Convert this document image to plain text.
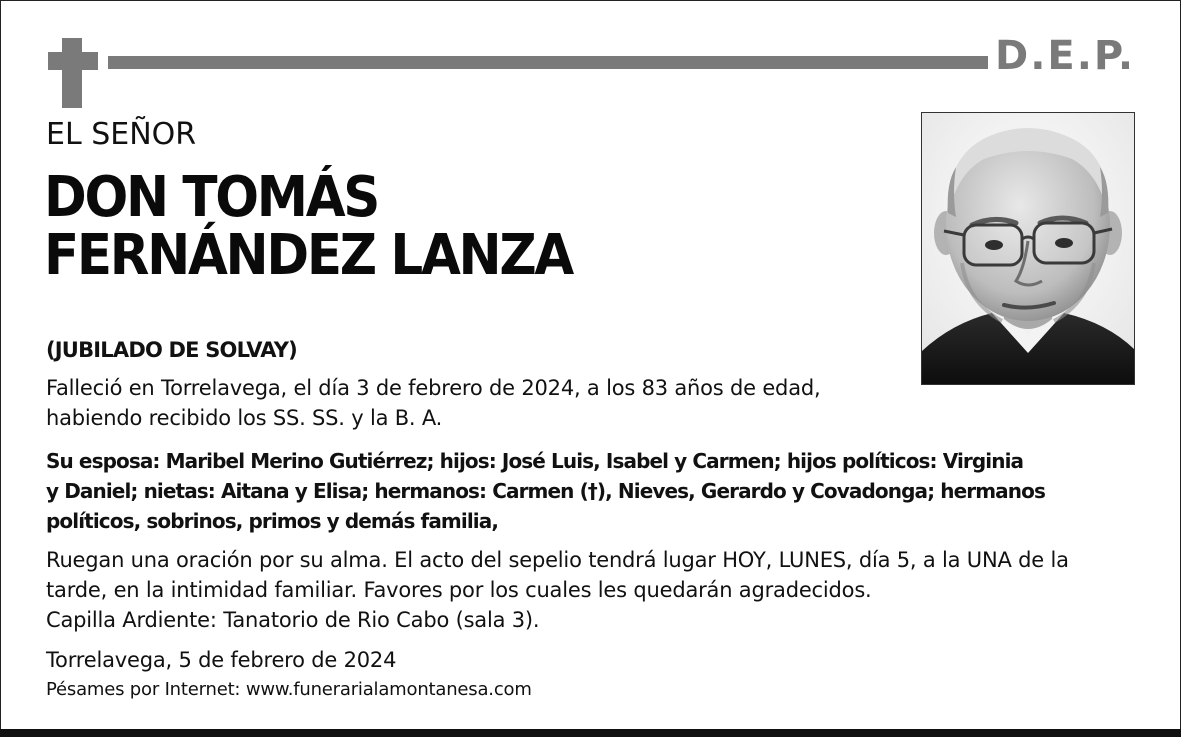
D.E.P.
EL SEÑOR
DON TOMÁS
FERNÁNDEZ LANZA
(JUBILADO DE SOLVAY)
Falleció en Torrelavega, el día 3 de febrero de 2024, a los 83 años de edad,
habiendo recibido los SS. SS. y la B. A.
Su esposa: Maribel Merino Gutiérrez; hijos: José Luis, Isabel y Carmen; hijos políticos: Virginia
y Daniel; nietas: Aitana y Elisa; hermanos: Carmen (†), Nieves, Gerardo y Covadonga; hermanos
políticos, sobrinos, primos y demás familia,
Ruegan una oración por su alma. El acto del sepelio tendrá lugar HOY, LUNES, día 5, a la UNA de la
tarde, en la intimidad familiar. Favores por los cuales les quedarán agradecidos.
Capilla Ardiente: Tanatorio de Rio Cabo (sala 3).
Torrelavega, 5 de febrero de 2024
Pésames por Internet: www.funerarialamontanesa.com
